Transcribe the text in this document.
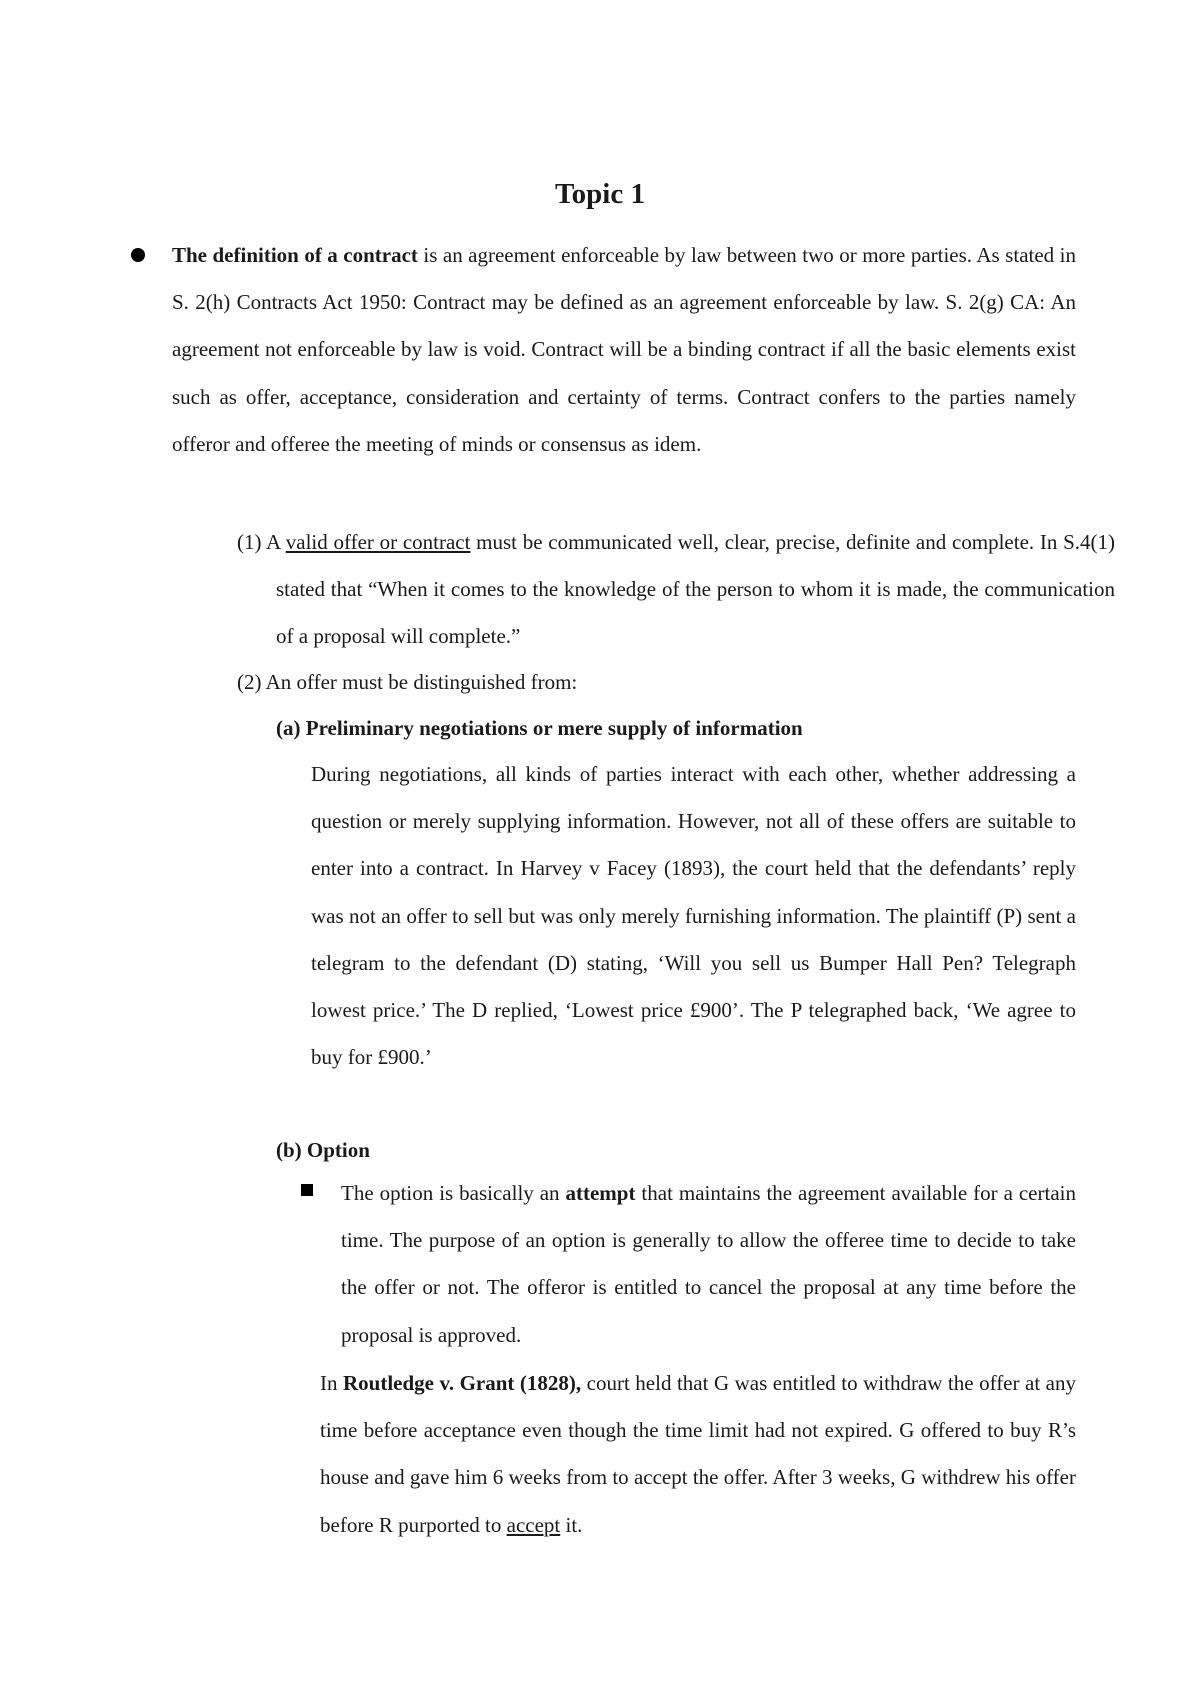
Topic 1
The definition of a contract is an agreement enforceable by law between two or more parties. As stated in S. 2(h) Contracts Act 1950: Contract may be defined as an agreement enforceable by law. S. 2(g) CA: An agreement not enforceable by law is void. Contract will be a binding contract if all the basic elements exist such as offer, acceptance, consideration and certainty of terms. Contract confers to the parties namely offeror and offeree the meeting of minds or consensus as idem.
(1) A valid offer or contract must be communicated well, clear, precise, definite and complete. In S.4(1) stated that “When it comes to the knowledge of the person to whom it is made, the communication of a proposal will complete.”
(2) An offer must be distinguished from:
(a) Preliminary negotiations or mere supply of information
During negotiations, all kinds of parties interact with each other, whether addressing a question or merely supplying information. However, not all of these offers are suitable to enter into a contract. In Harvey v Facey (1893), the court held that the defendants’ reply was not an offer to sell but was only merely furnishing information. The plaintiff (P) sent a telegram to the defendant (D) stating, ‘Will you sell us Bumper Hall Pen? Telegraph lowest price.’ The D replied, ‘Lowest price £900’. The P telegraphed back, ‘We agree to buy for £900.’
(b) Option
The option is basically an attempt that maintains the agreement available for a certain time. The purpose of an option is generally to allow the offeree time to decide to take the offer or not. The offeror is entitled to cancel the proposal at any time before the proposal is approved.
In Routledge v. Grant (1828), court held that G was entitled to withdraw the offer at any time before acceptance even though the time limit had not expired. G offered to buy R’s house and gave him 6 weeks from to accept the offer. After 3 weeks, G withdrew his offer before R purported to accept it.
